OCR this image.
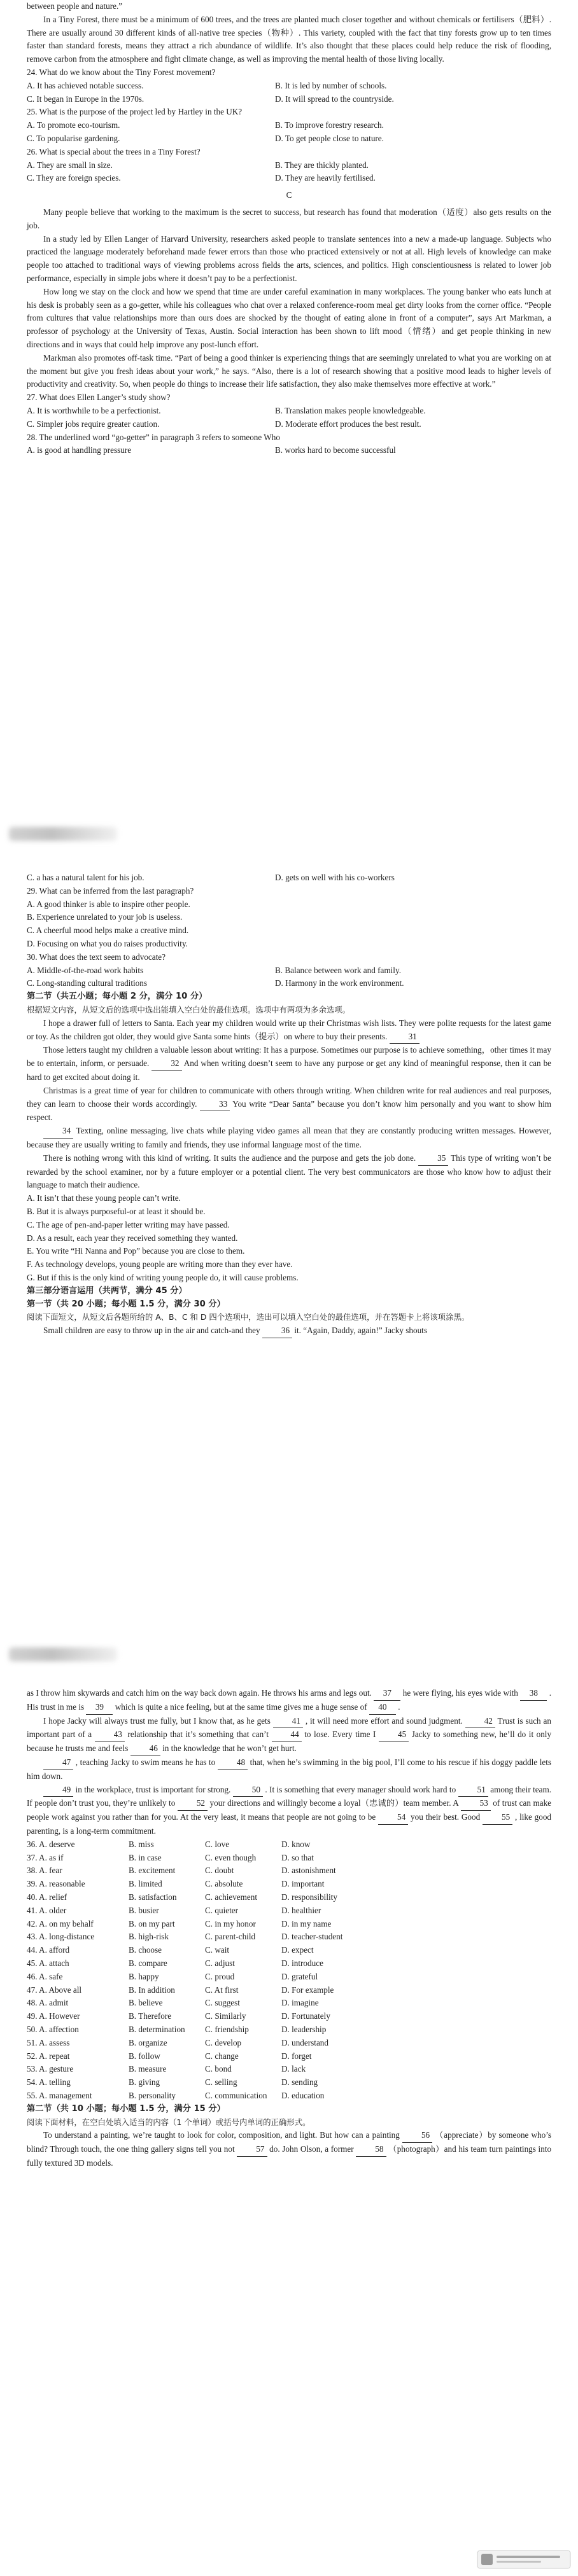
between people and nature.”

In a Tiny Forest, there must be a minimum of 600 trees, and the trees are planted much closer together and without chemicals or fertilisers（肥料）. There are usually around 30 different kinds of all-native tree species（物种）. This variety, coupled with the fact that tiny forests grow up to ten times faster than standard forests, means they attract a rich abundance of wildlife. It’s also thought that these places could help reduce the risk of flooding, remove carbon from the atmosphere and fight climate change, as well as improving the mental health of those living locally.

24. What do we know about the Tiny Forest movement?

A. It has achieved notable success.	B. It is led by number of schools.
C. It began in Europe in the 1970s.	D. It will spread to the countryside.

25. What is the purpose of the project led by Hartley in the UK?

A. To promote eco-tourism.	B. To improve forestry research.
C. To popularise gardening.	D. To get people close to nature.

26. What is special about the trees in a Tiny Forest?

A. They are small in size.	B. They are thickly planted.
C. They are foreign species.	D. They are heavily fertilised.

C

Many people believe that working to the maximum is the secret to success, but research has found that moderation（适度）also gets results on the job.

In a study led by Ellen Langer of Harvard University, researchers asked people to translate sentences into a new a made-up language. Subjects who practiced the language moderately beforehand made fewer errors than those who practiced extensively or not at all. High levels of knowledge can make people too attached to traditional ways of viewing problems across fields the arts, sciences, and politics. High conscientiousness is related to lower job performance, especially in simple jobs where it doesn’t pay to be a perfectionist.

How long we stay on the clock and how we spend that time are under careful examination in many workplaces. The young banker who eats lunch at his desk is probably seen as a go-getter, while his colleagues who chat over a relaxed conference-room meal get dirty looks from the corner office. “People from cultures that value relationships more than ours does are shocked by the thought of eating alone in front of a computer”, says Art Markman, a professor of psychology at the University of Texas, Austin. Social interaction has been shown to lift mood（情绪）and get people thinking in new directions and in ways that could help improve any post-lunch effort.

Markman also promotes off-task time. “Part of being a good thinker is experiencing things that are seemingly unrelated to what you are working on at the moment but give you fresh ideas about your work,” he says. “Also, there is a lot of research showing that a positive mood leads to higher levels of productivity and creativity. So, when people do things to increase their life satisfaction, they also make themselves more effective at work.”

27. What does Ellen Langer’s study show?

A. It is worthwhile to be a perfectionist.	B. Translation makes people knowledgeable.
C. Simpler jobs require greater caution.	D. Moderate effort produces the best result.

28. The underlined word “go-getter” in paragraph 3 refers to someone Who

A. is good at handling pressure	B. works hard to become successful
C. a has a natural talent for his job.	D. gets on well with his co-workers

29. What can be inferred from the last paragraph?

A. A good thinker is able to inspire other people.

B. Experience unrelated to your job is useless.

C. A cheerful mood helps make a creative mind.

D. Focusing on what you do raises productivity.

30. What does the text seem to advocate?

A. Middle-of-the-road work habits	B. Balance between work and family.
C. Long-standing cultural traditions	D. Harmony in the work environment.

第二节（共五小题；每小题 2 分，满分 10 分）

根据短文内容，从短文后的选项中选出能填入空白处的最佳选项。选项中有两项为多余选项。

I hope a drawer full of letters to Santa. Each year my children would write up their Christmas wish lists. They were polite requests for the latest game or toy. As the children got older, they would give Santa some hints（提示）on where to buy their presents.	31

Those letters taught my children a valuable lesson about writing: It has a purpose. Sometimes our purpose is to achieve something，other times it may be to entertain, inform, or persuade.	32 And when writing doesn’t seem to have any purpose or get any kind of meaningful response, then it can be hard to get excited about doing it.

Christmas is a great time of year for children to communicate with others through writing. When children write for real audiences and real purposes, they can learn to choose their words accordingly.	33 You write “Dear Santa” because you don’t know him personally and you want to show him respect.

34 Texting, online messaging, live chats while playing video games all mean that they are constantly producing written messages. However, because they are usually writing to family and friends, they use informal language most of the time.

There is nothing wrong with this kind of writing. It suits the audience and the purpose and gets the job done.	35 This type of writing won’t be rewarded by the school examiner, nor by a future employer or a potential client. The very best communicators are those who know how to adjust their language to match their audience.

A. It isn’t that these young people can’t write.

B. But it is always purposeful-or at least it should be.

C. The age of pen-and-paper letter writing may have passed.

D. As a result, each year they received something they wanted.

E. You write “Hi Nanna and Pop” because you are close to them.

F. As technology develops, young people are writing more than they ever have.

G. But if this is the only kind of writing young people do, it will cause problems.

第三部分语言运用（共两节，满分 45 分）

第一节（共 20 小题；每小题 1.5 分，满分 30 分）

阅读下面短文，从短文后各题所给的 A、B、C 和 D 四个选项中，选出可以填入空白处的最佳选项，并在答题卡上将该项涂黑。

Small children are easy to throw up in the air and catch-and they	36 it. “Again, Daddy, again!” Jacky shouts

as I throw him skywards and catch him on the way back down again. He throws his arms and legs out. 37 he were flying, his eyes wide with 38 . His trust in me is 39 which is quite a nice feeling, but at the same time gives me a huge sense of 40 .

I hope Jacky will always trust me fully, but I know that, as he gets	41 , it will need more effort and sound judgment.	42 Trust is such an important part of a	43 relationship that it’s something that can’t	44 to lose. Every time I	45 Jacky to something new, he’ll do it only because he trusts me and feels	46 in the knowledge that he won’t get hurt.

47 , teaching Jacky to swim means he has to	48 that, when he’s swimming in the big pool, I’ll come to his rescue if his doggy paddle lets him down.

49 in the workplace, trust is important for strong.	50 . It is something that every manager should work hard to	51 among their team. If people don’t trust you, they’re unlikely to	52 your directions and willingly become a loyal（忠诚的）team member. A	53 of trust can make people work against you rather than for you. At the very least, it means that people are not going to be	54 you their best. Good	55 , like good parenting, is a long-term commitment.

36. A. deserve	B. miss	C. love	D. know
37. A. as if	B. in case	C. even though	D. so that
38. A. fear	B. excitement	C. doubt	D. astonishment
39. A. reasonable	B. limited	C. absolute	D. important
40. A. relief	B. satisfaction	C. achievement	D. responsibility
41. A. older	B. busier	C. quieter	D. healthier
42. A. on my behalf	B. on my part	C. in my honor	D. in my name
43. A. long-distance	B. high-risk	C. parent-child	D. teacher-student
44. A. afford	B. choose	C. wait	D. expect
45. A. attach	B. compare	C. adjust	D. introduce
46. A. safe	B. happy	C. proud	D. grateful
47. A. Above all	B. In addition	C. At first	D. For example
48. A. admit	B. believe	C. suggest	D. imagine
49. A. However	B. Therefore	C. Similarly	D. Fortunately
50. A. affection	B. determination	C. friendship	D. leadership
51. A. assess	B. organize	C. develop	D. understand
52. A. repeat	B. follow	C. change	D. forget
53. A. gesture	B. measure	C. bond	D. lack
54. A. telling	B. giving	C. selling	D. sending
55. A. management	B. personality	C. communication	D. education

第二节（共 10 小题；每小题 1.5 分，满分 15 分）

阅读下面材料，在空白处填入适当的内容（1 个单词）或括号内单词的正确形式。

To understand a painting, we’re taught to look for color, composition, and light. But how can a painting	56 （appreciate）by someone who’s blind? Through touch, the one thing gallery signs tell you not	57 do. John Olson, a former	58 （photograph）and his team turn paintings into fully textured 3D models.
